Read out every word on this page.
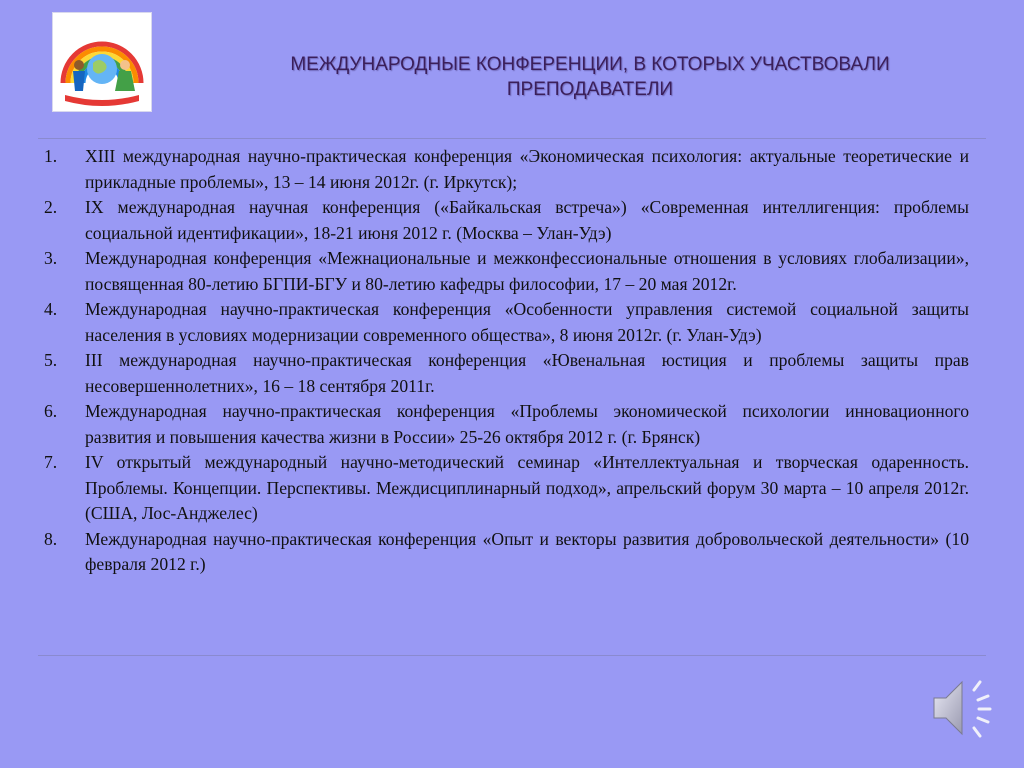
МЕЖДУНАРОДНЫЕ КОНФЕРЕНЦИИ, В КОТОРЫХ УЧАСТВОВАЛИ
ПРЕПОДАВАТЕЛИ
1.	XIII международная научно-практическая конференция «Экономическая психология: актуальные теоретические и прикладные проблемы», 13 – 14 июня 2012г. (г. Иркутск);
2.	IX международная научная конференция («Байкальская встреча») «Современная интеллигенция: проблемы социальной идентификации», 18-21 июня 2012 г. (Москва – Улан-Удэ)
3.	Международная конференция «Межнациональные и межконфессиональные отношения в условиях глобализации», посвященная 80-летию БГПИ-БГУ и 80-летию кафедры философии, 17 – 20 мая 2012г.
4.	Международная научно-практическая конференция «Особенности управления системой социальной защиты населения в условиях модернизации современного общества», 8 июня 2012г. (г. Улан-Удэ)
5.	III международная научно-практическая конференция «Ювенальная юстиция и проблемы защиты прав несовершеннолетних», 16 – 18 сентября 2011г.
6.	Международная научно-практическая конференция «Проблемы экономической психологии инновационного развития и повышения качества жизни в России» 25-26 октября 2012 г. (г. Брянск)
7.	IV открытый международный научно-методический семинар «Интеллектуальная и творческая одаренность. Проблемы. Концепции. Перспективы. Междисциплинарный подход», апрельский форум 30 марта – 10 апреля 2012г. (США, Лос-Анджелес)
8.	Международная научно-практическая конференция «Опыт и векторы развития добровольческой деятельности» (10 февраля 2012 г.)
